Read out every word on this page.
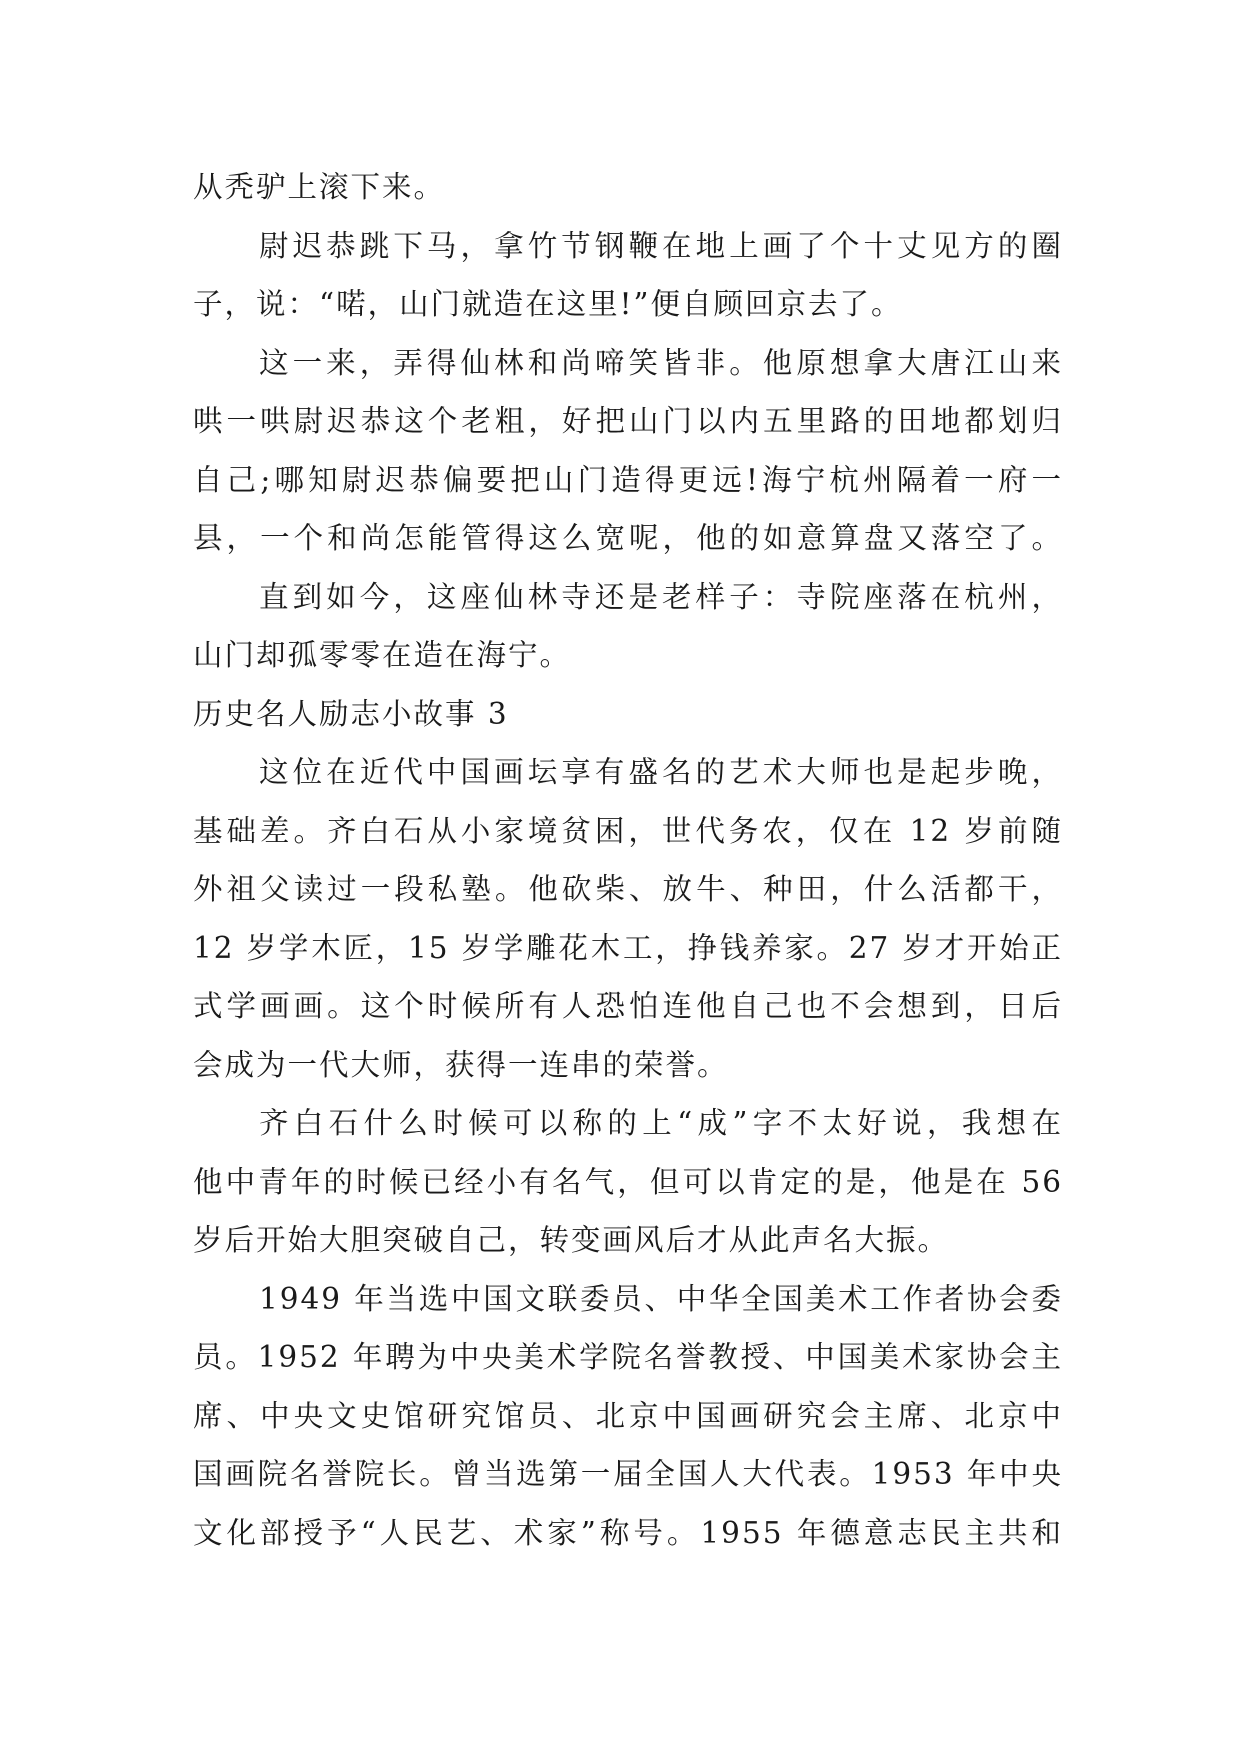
从秃驴上滚下来。
尉迟恭跳下马，拿竹节钢鞭在地上画了个十丈见方的圈
子，说：“喏，山门就造在这里!”便自顾回京去了。
这一来，弄得仙林和尚啼笑皆非。他原想拿大唐江山来
哄一哄尉迟恭这个老粗，好把山门以内五里路的田地都划归
自己;哪知尉迟恭偏要把山门造得更远!海宁杭州隔着一府一
县，一个和尚怎能管得这么宽呢，他的如意算盘又落空了。
直到如今，这座仙林寺还是老样子：寺院座落在杭州，
山门却孤零零在造在海宁。
历史名人励志小故事 3
这位在近代中国画坛享有盛名的艺术大师也是起步晚，
基础差。齐白石从小家境贫困，世代务农，仅在 12 岁前随
外祖父读过一段私塾。他砍柴、放牛、种田，什么活都干，
12 岁学木匠，15 岁学雕花木工，挣钱养家。27 岁才开始正
式学画画。这个时候所有人恐怕连他自己也不会想到，日后
会成为一代大师，获得一连串的荣誉。
齐白石什么时候可以称的上“成”字不太好说，我想在
他中青年的时候已经小有名气，但可以肯定的是，他是在 56
岁后开始大胆突破自己，转变画风后才从此声名大振。
1949 年当选中国文联委员、中华全国美术工作者协会委
员。1952 年聘为中央美术学院名誉教授、中国美术家协会主
席、中央文史馆研究馆员、北京中国画研究会主席、北京中
国画院名誉院长。曾当选第一届全国人大代表。1953 年中央
文化部授予“人民艺、术家”称号。1955 年德意志民主共和
